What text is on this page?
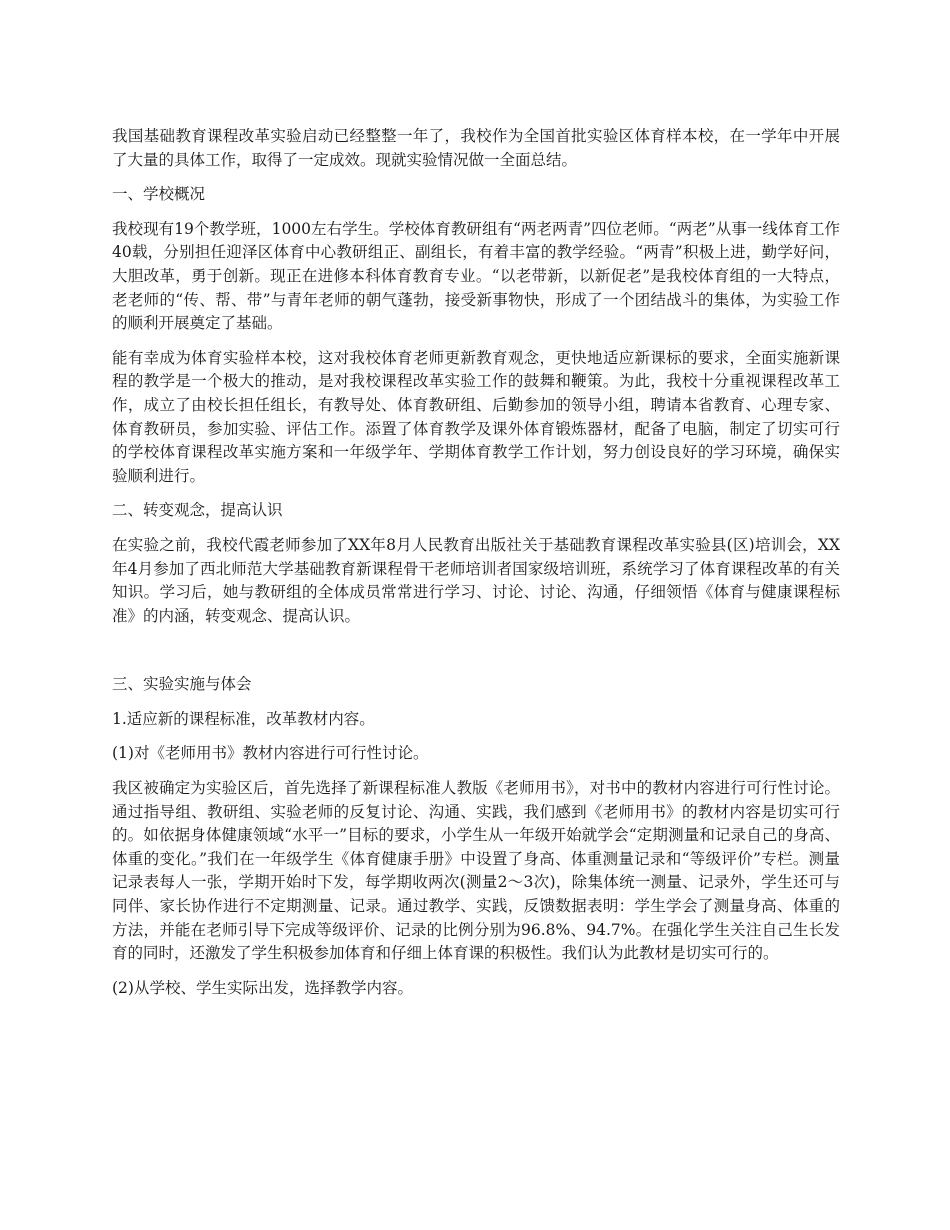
我国基础教育课程改革实验启动已经整整一年了，我校作为全国首批实验区体育样本校，在一学年中开展了大量的具体工作，取得了一定成效。现就实验情况做一全面总结。

一、学校概况

我校现有19个教学班，1000左右学生。学校体育教研组有“两老两青”四位老师。“两老”从事一线体育工作40载，分别担任迎泽区体育中心教研组正、副组长，有着丰富的教学经验。“两青”积极上进，勤学好问，大胆改革，勇于创新。现正在进修本科体育教育专业。“以老带新，以新促老”是我校体育组的一大特点，老老师的“传、帮、带”与青年老师的朝气蓬勃，接受新事物快，形成了一个团结战斗的集体，为实验工作的顺利开展奠定了基础。

能有幸成为体育实验样本校，这对我校体育老师更新教育观念，更快地适应新课标的要求，全面实施新课程的教学是一个极大的推动，是对我校课程改革实验工作的鼓舞和鞭策。为此，我校十分重视课程改革工作，成立了由校长担任组长，有教导处、体育教研组、后勤参加的领导小组，聘请本省教育、心理专家、体育教研员，参加实验、评估工作。添置了体育教学及课外体育锻炼器材，配备了电脑，制定了切实可行的学校体育课程改革实施方案和一年级学年、学期体育教学工作计划，努力创设良好的学习环境，确保实验顺利进行。

二、转变观念，提高认识

在实验之前，我校代霞老师参加了XX年8月人民教育出版社关于基础教育课程改革实验县(区)培训会，XX年4月参加了西北师范大学基础教育新课程骨干老师培训者国家级培训班，系统学习了体育课程改革的有关知识。学习后，她与教研组的全体成员常常进行学习、讨论、讨论、沟通，仔细领悟《体育与健康课程标准》的内涵，转变观念、提高认识。

三、实验实施与体会

1.适应新的课程标准，改革教材内容。

(1)对《老师用书》教材内容进行可行性讨论。

我区被确定为实验区后，首先选择了新课程标准人教版《老师用书》，对书中的教材内容进行可行性讨论。通过指导组、教研组、实验老师的反复讨论、沟通、实践，我们感到《老师用书》的教材内容是切实可行的。如依据身体健康领域“水平一”目标的要求，小学生从一年级开始就学会“定期测量和记录自己的身高、体重的变化。”我们在一年级学生《体育健康手册》中设置了身高、体重测量记录和“等级评价”专栏。测量记录表每人一张，学期开始时下发，每学期收两次(测量2～3次)，除集体统一测量、记录外，学生还可与同伴、家长协作进行不定期测量、记录。通过教学、实践，反馈数据表明：学生学会了测量身高、体重的方法，并能在老师引导下完成等级评价、记录的比例分别为96.8%、94.7%。在强化学生关注自己生长发育的同时，还激发了学生积极参加体育和仔细上体育课的积极性。我们认为此教材是切实可行的。

(2)从学校、学生实际出发，选择教学内容。
